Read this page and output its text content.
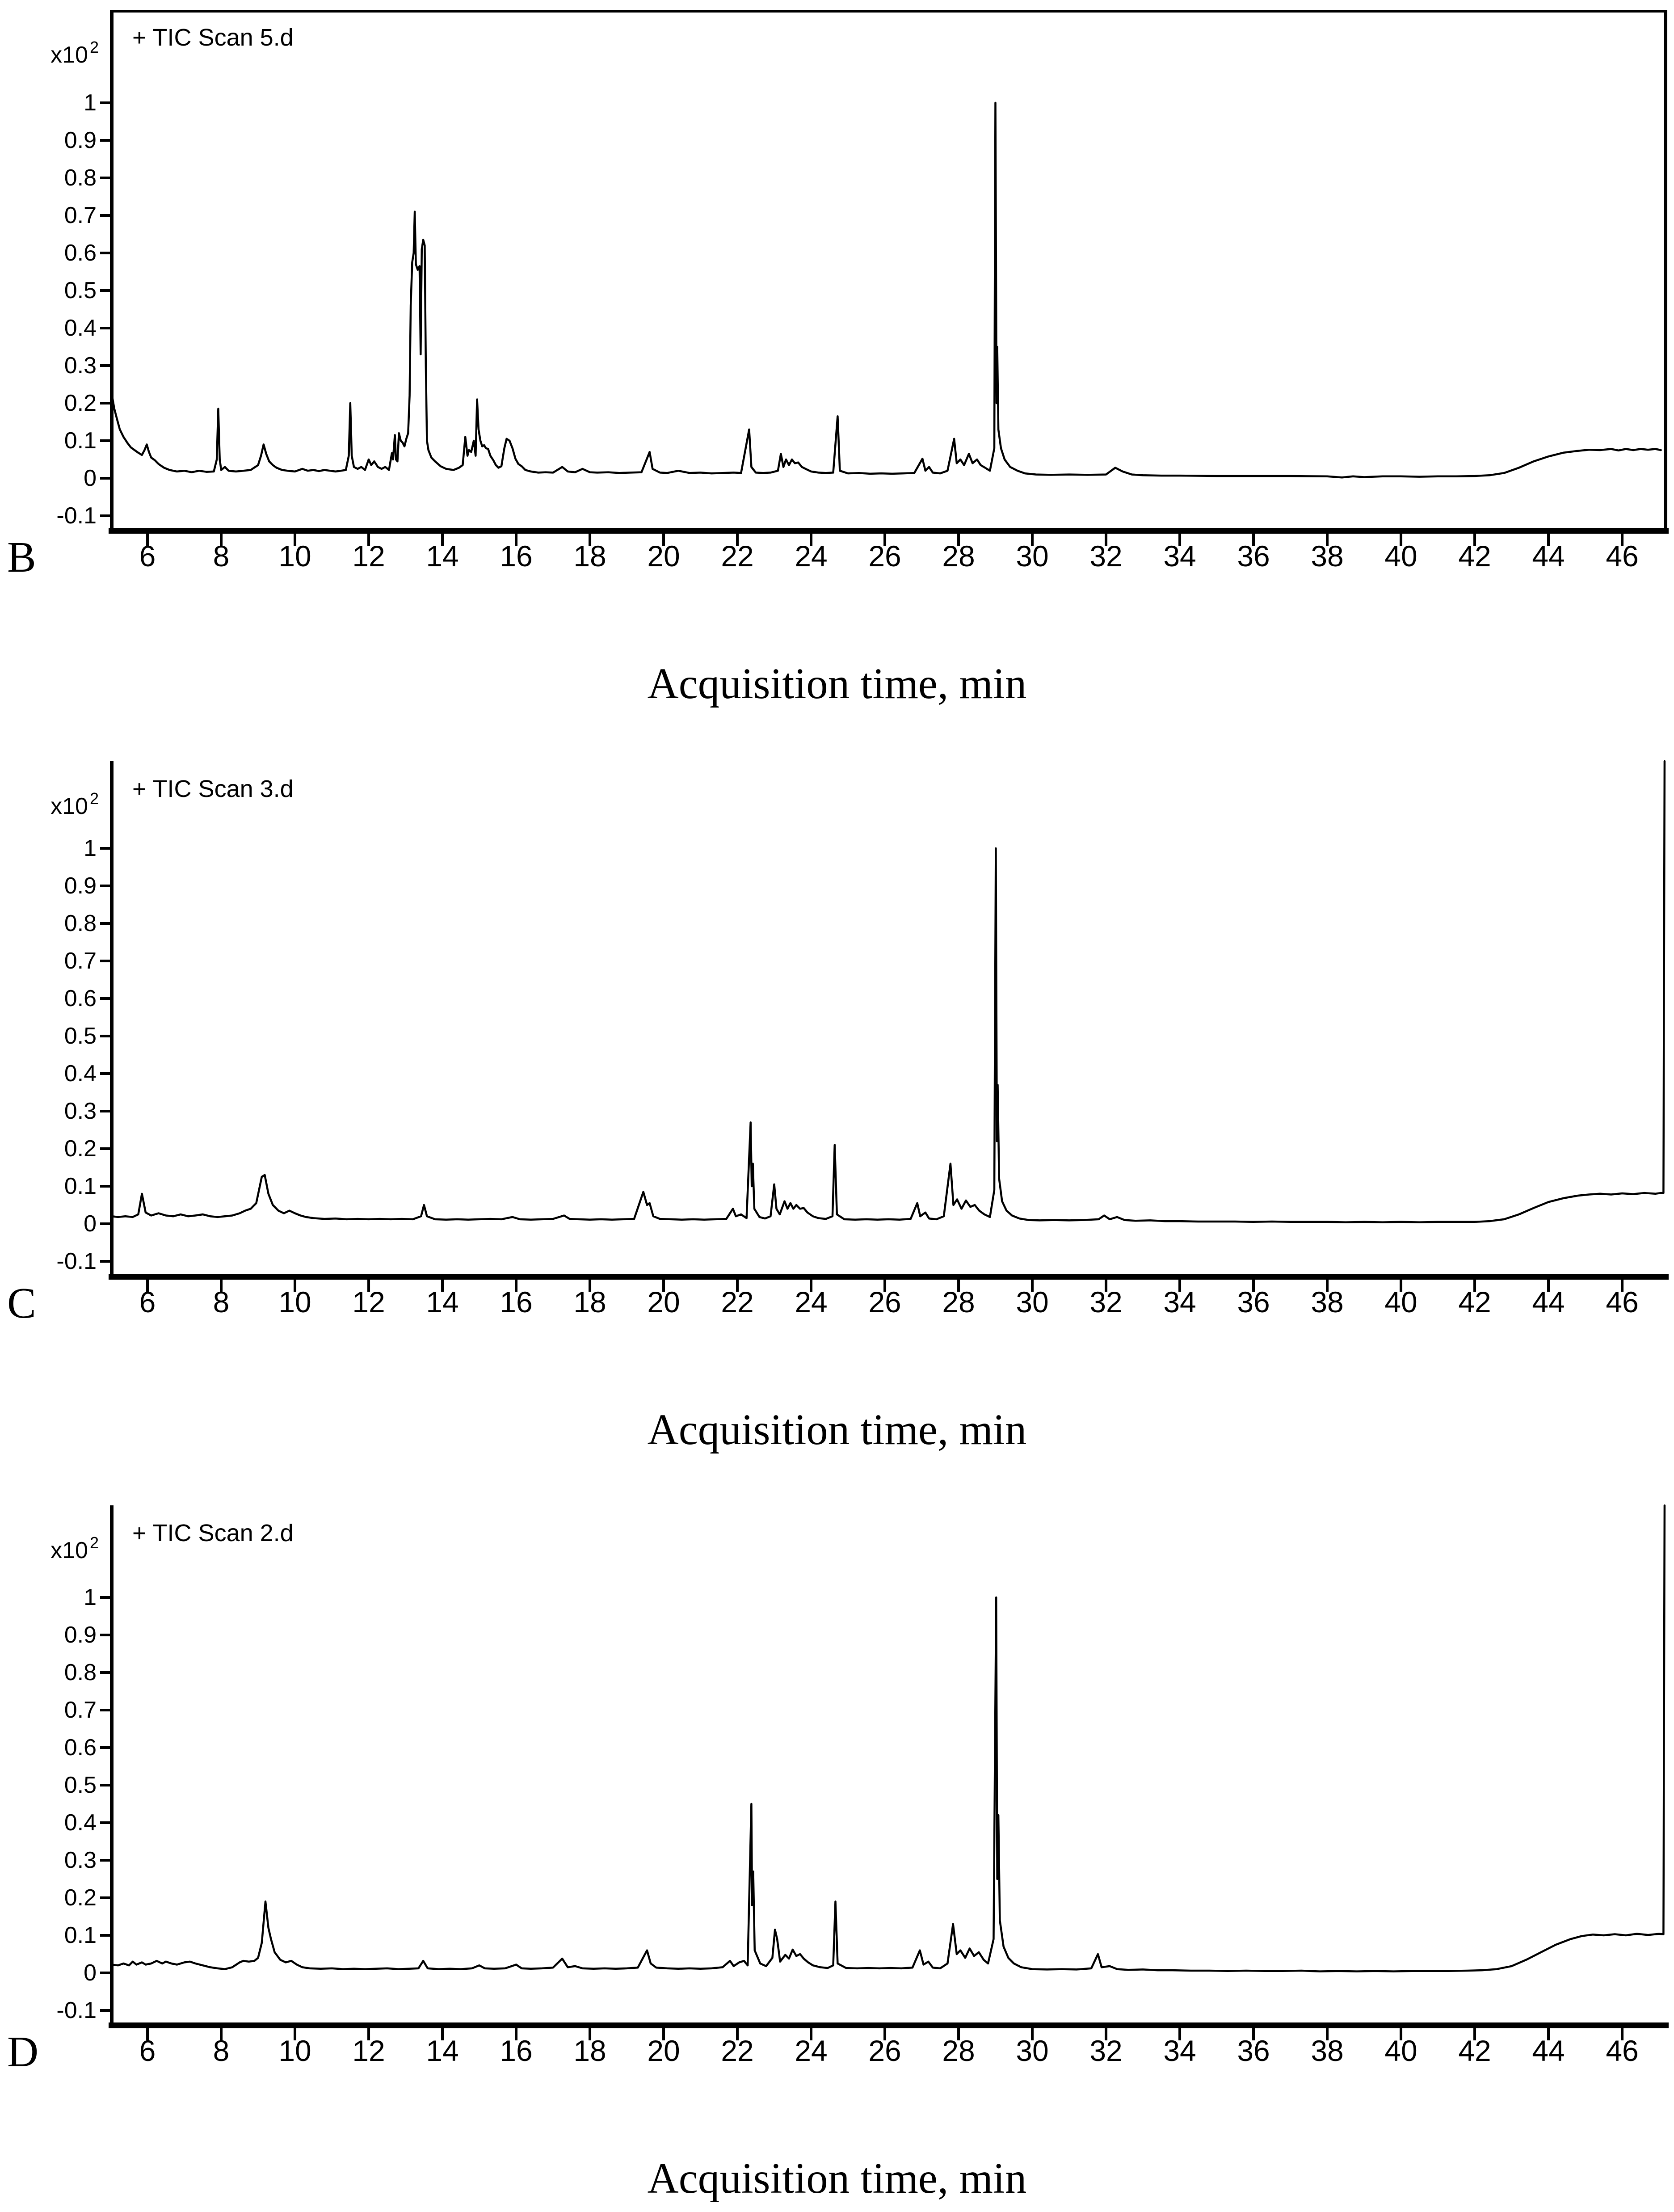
6 8 10 12 14 16 18 20 22 24 26 28 30 32 34 36 38 40 42 44 46
1
0.9
0.8
0.7
0.6
0.5
0.4
0.3
0.2
0.1
0
-0.1
+ TIC Scan 5.d
x10 $^2$
6 8 10 12 14 16 18 20 22 24 26 28 30 32 34 36 38 40 42 44 46
1
0.9
0.8
0.7
0.6
0.5
0.4
0.3
0.2
0.1
0
-0.1
+ TIC Scan 3.d
x10 $^2$
6 8 10 12 14 16 18 20 22 24 26 28 30 32 34 36 38 40 42 44 46
1
0.9
0.8
0.7
0.6
0.5
0.4
0.3
0.2
0.1
0
-0.1
+ TIC Scan 2.d
x10 $^2$
B
C
D
Acquisition time, min
Acquisition time, min
Acquisition time, min
